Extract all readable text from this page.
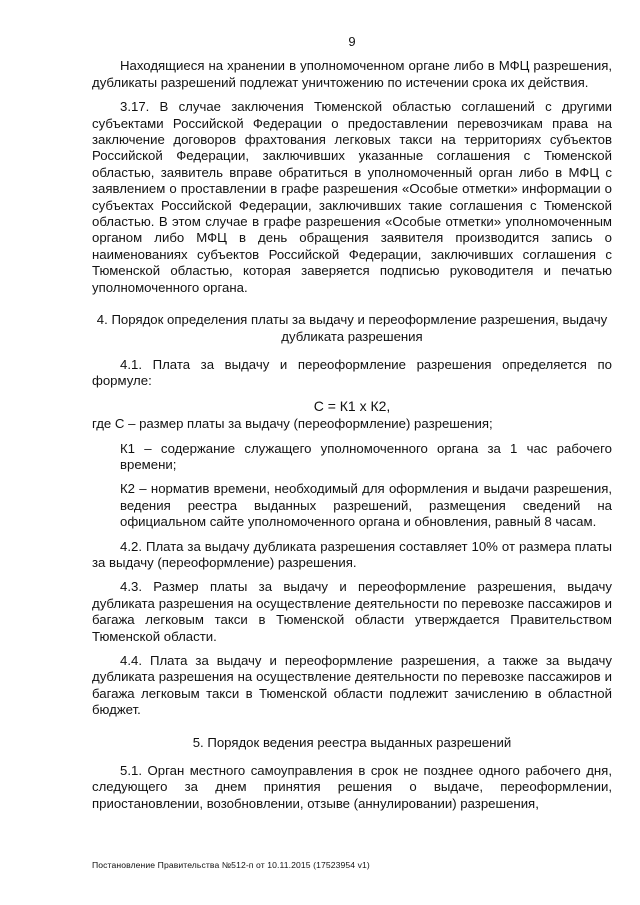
9

Находящиеся на хранении в уполномоченном органе либо в МФЦ разрешения, дубликаты разрешений подлежат уничтожению по истечении срока их действия.

3.17. В случае заключения Тюменской областью соглашений с другими субъектами Российской Федерации о предоставлении перевозчикам права на заключение договоров фрахтования легковых такси на территориях субъектов Российской Федерации, заключивших указанные соглашения с Тюменской областью, заявитель вправе обратиться в уполномоченный орган либо в МФЦ с заявлением о проставлении в графе разрешения «Особые отметки» информации о субъектах Российской Федерации, заключивших такие соглашения с Тюменской областью. В этом случае в графе разрешения «Особые отметки» уполномоченным органом либо МФЦ в день обращения заявителя производится запись о наименованиях субъектов Российской Федерации, заключивших соглашения с Тюменской областью, которая заверяется подписью руководителя и печатью уполномоченного органа.

4. Порядок определения платы за выдачу и переоформление разрешения, выдачу дубликата разрешения

4.1. Плата за выдачу и переоформление разрешения определяется по формуле:

С = К1 х К2,

где С – размер платы за выдачу (переоформление) разрешения;

К1 – содержание служащего уполномоченного органа за 1 час рабочего времени;

К2 – норматив времени, необходимый для оформления и выдачи разрешения, ведения реестра выданных разрешений, размещения сведений на официальном сайте уполномоченного органа и обновления, равный 8 часам.

4.2. Плата за выдачу дубликата разрешения составляет 10% от размера платы за выдачу (переоформление) разрешения.

4.3. Размер платы за выдачу и переоформление разрешения, выдачу дубликата разрешения на осуществление деятельности по перевозке пассажиров и багажа легковым такси в Тюменской области утверждается Правительством Тюменской области.

4.4. Плата за выдачу и переоформление разрешения, а также за выдачу дубликата разрешения на осуществление деятельности по перевозке пассажиров и багажа легковым такси в Тюменской области подлежит зачислению в областной бюджет.

5. Порядок ведения реестра выданных разрешений

5.1. Орган местного самоуправления в срок не позднее одного рабочего дня, следующего за днем принятия решения о выдаче, переоформлении, приостановлении, возобновлении, отзыве (аннулировании) разрешения,

Постановление Правительства №512-п от 10.11.2015 (17523954 v1)
